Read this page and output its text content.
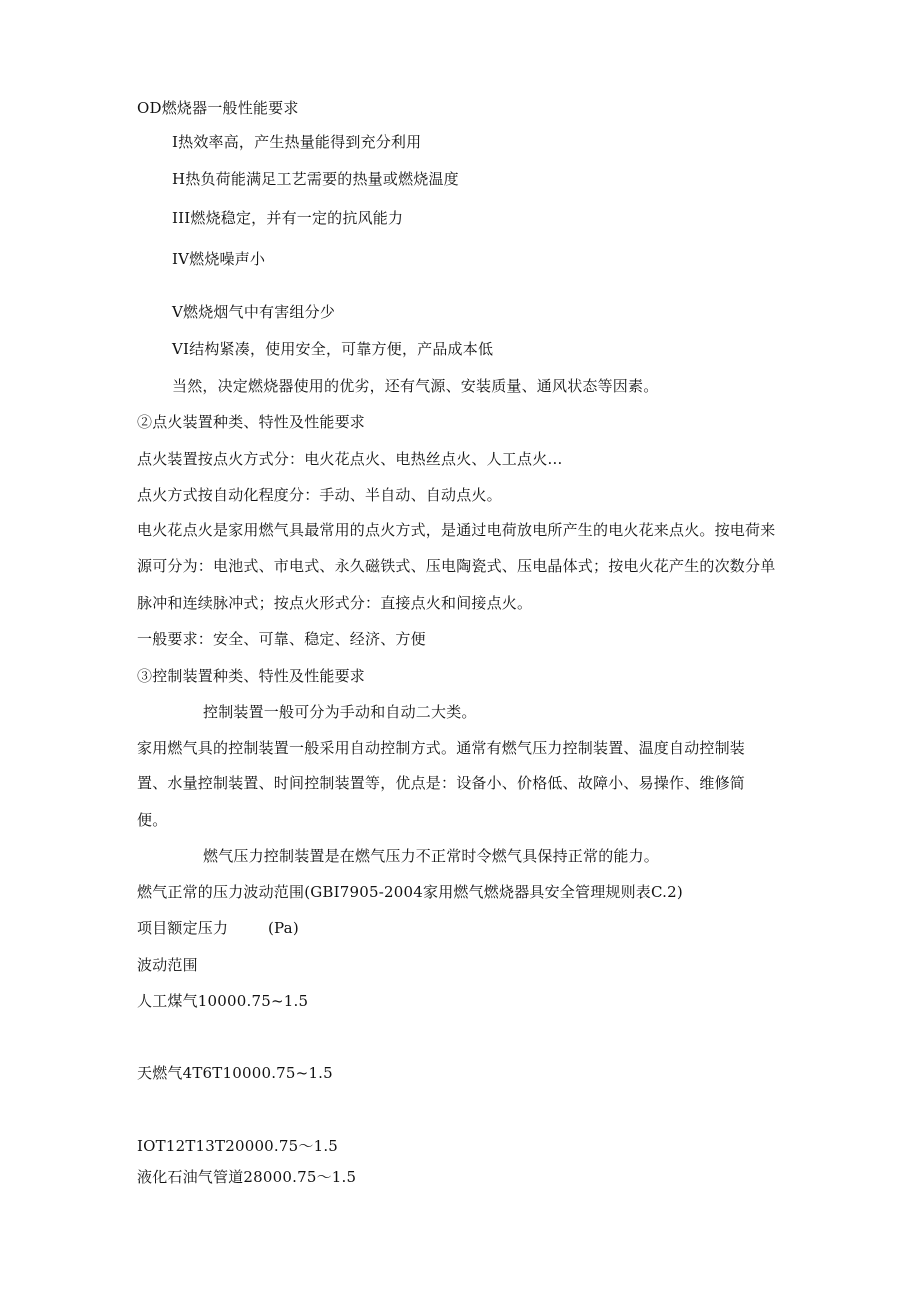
OD燃烧器一般性能要求
I热效率高，产生热量能得到充分利用
H热负荷能满足工艺需要的热量或燃烧温度
III燃烧稳定，并有一定的抗风能力
IV燃烧噪声小
V燃烧烟气中有害组分少
VI结构紧凑，使用安全，可靠方便，产品成本低
当然，决定燃烧器使用的优劣，还有气源、安装质量、通风状态等因素。
②点火装置种类、特性及性能要求
点火装置按点火方式分：电火花点火、电热丝点火、人工点火…
点火方式按自动化程度分：手动、半自动、自动点火。
电火花点火是家用燃气具最常用的点火方式，是通过电荷放电所产生的电火花来点火。按电荷来
源可分为：电池式、市电式、永久磁铁式、压电陶瓷式、压电晶体式；按电火花产生的次数分单
脉冲和连续脉冲式；按点火形式分：直接点火和间接点火。
一般要求：安全、可靠、稳定、经济、方便
③控制装置种类、特性及性能要求
控制装置一般可分为手动和自动二大类。
家用燃气具的控制装置一般采用自动控制方式。通常有燃气压力控制装置、温度自动控制装
置、水量控制装置、时间控制装置等，优点是：设备小、价格低、故障小、易操作、维修简
便。
燃气压力控制装置是在燃气压力不正常时令燃气具保持正常的能力。
燃气正常的压力波动范围(GBI7905-2004家用燃气燃烧器具安全管理规则表C.2)
项目额定压力	(Pa)
波动范围
人工煤气10000.75~1.5
天燃气4T6T10000.75~1.5
IOT12T13T20000.75～1.5
液化石油气管道28000.75～1.5
